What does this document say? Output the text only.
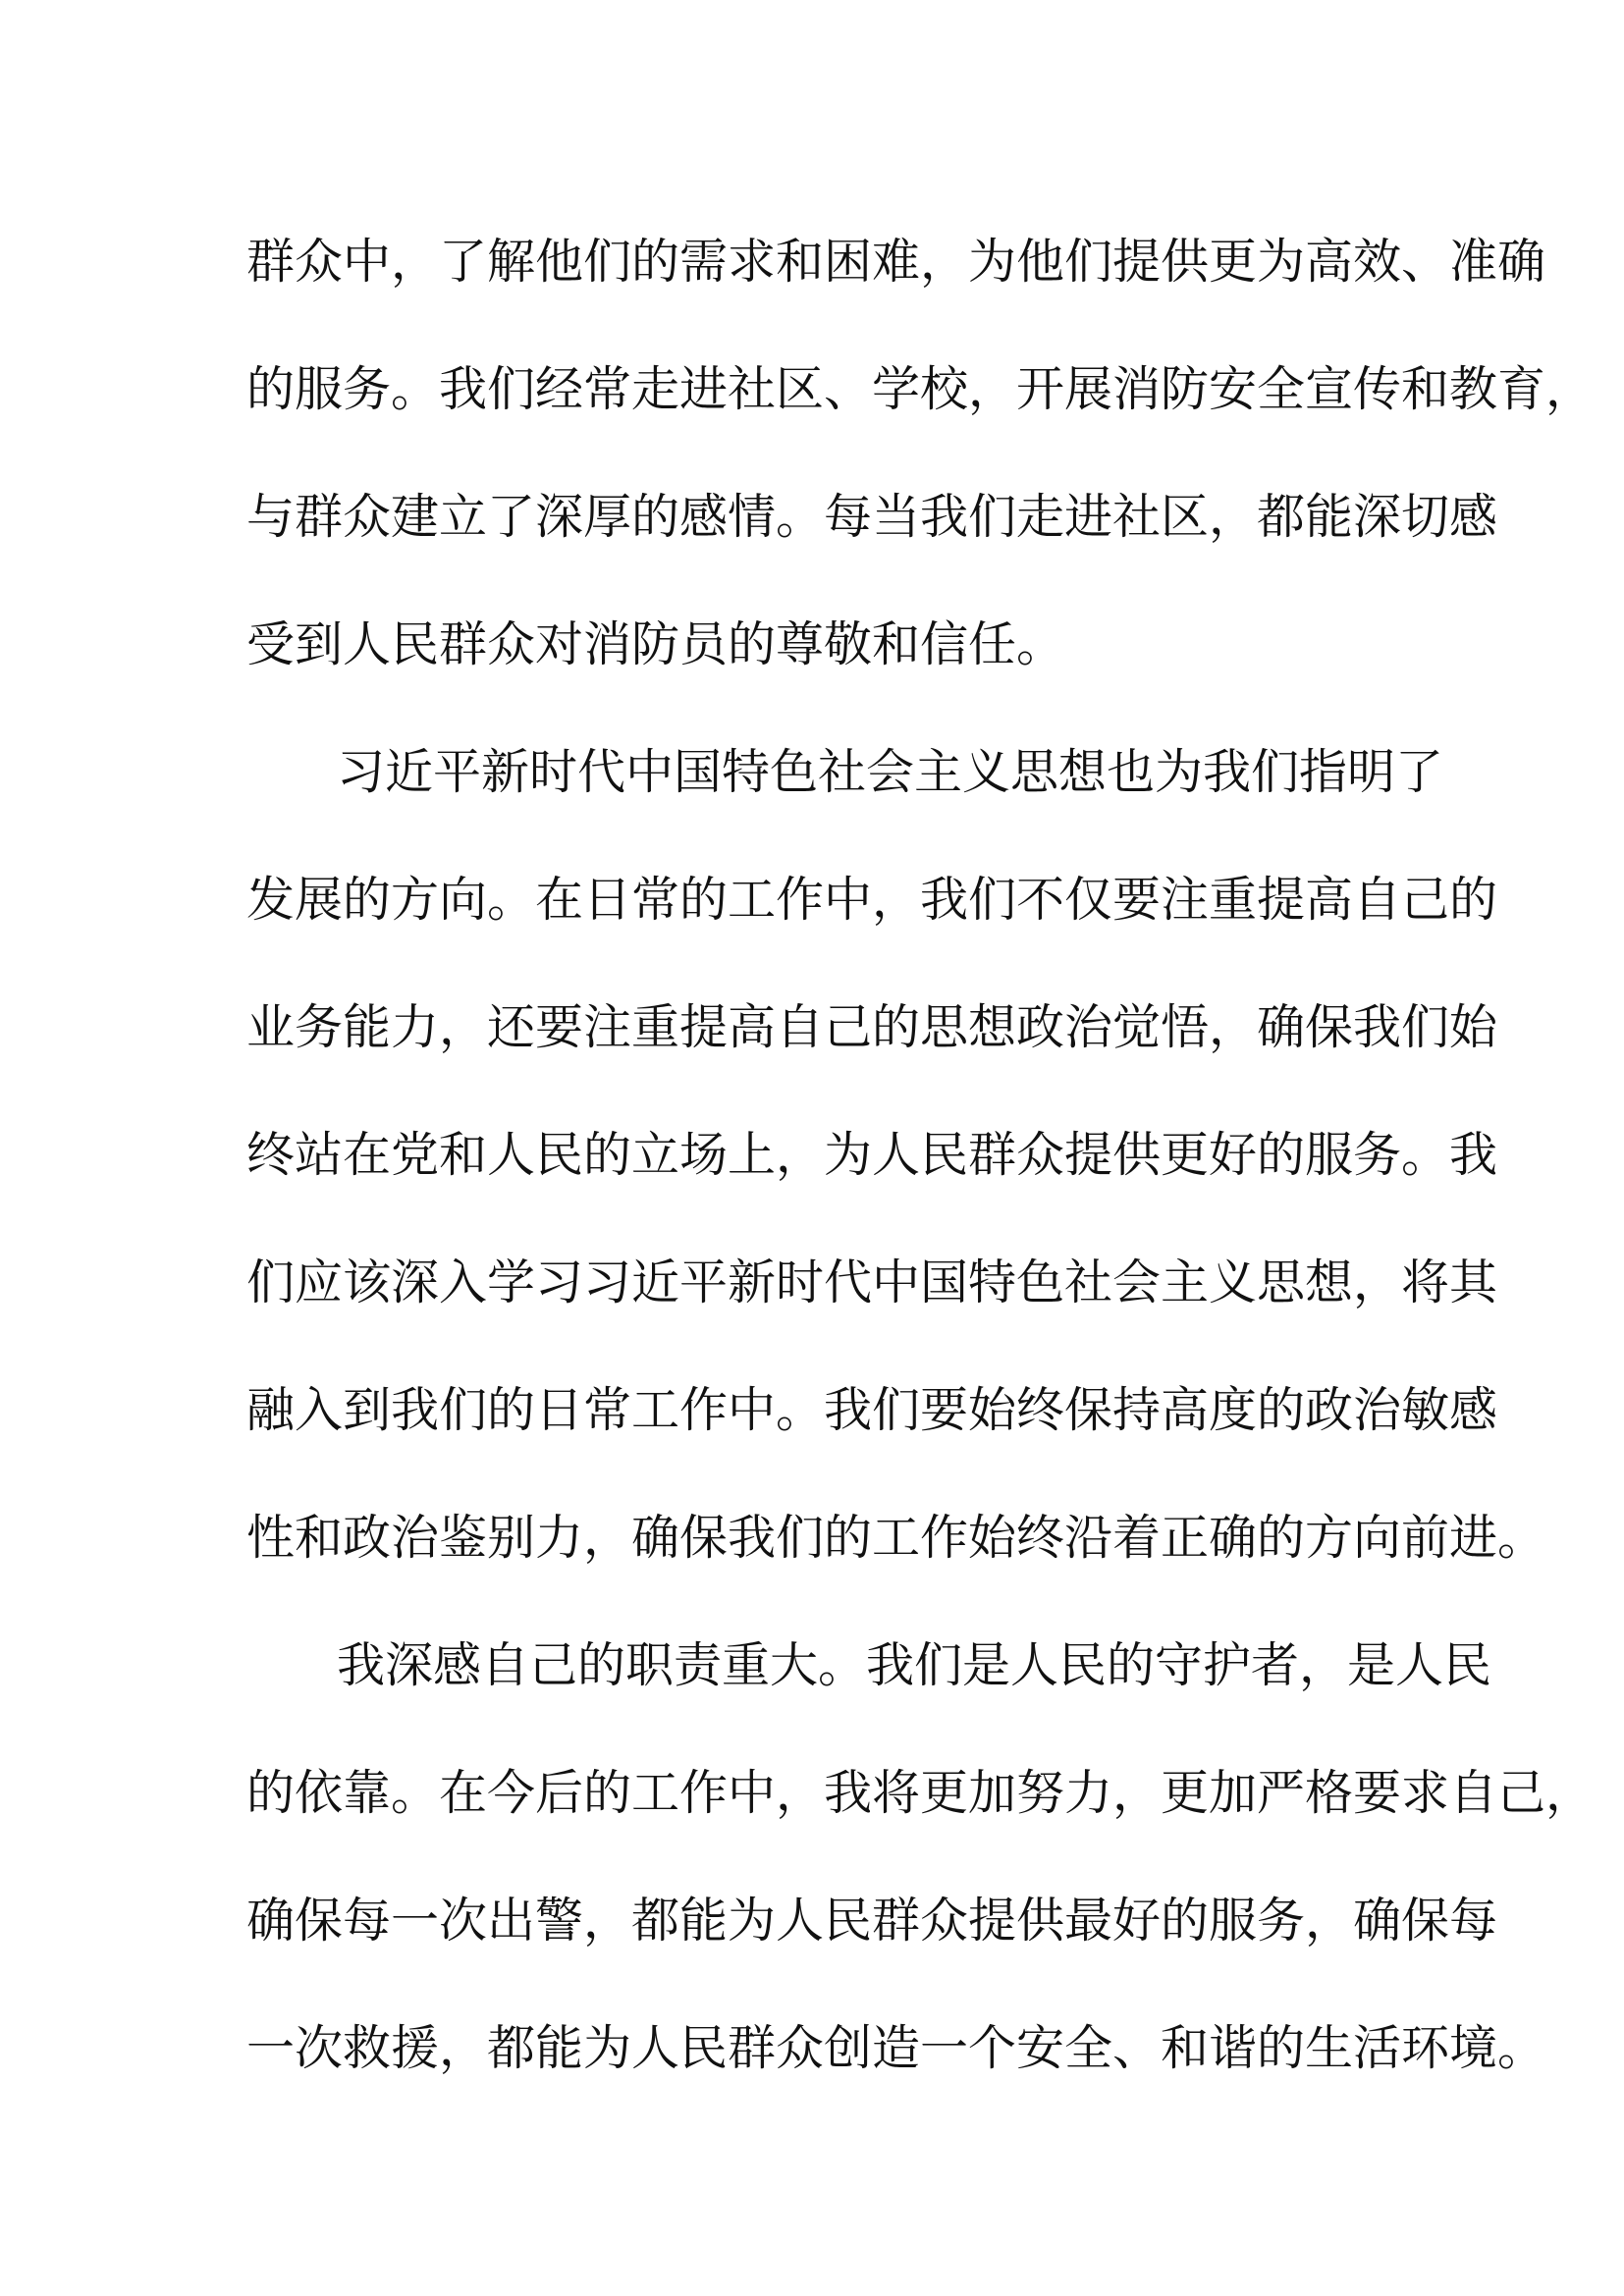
群众中，了解他们的需求和困难，为他们提供更为高效、准确
的服务。我们经常走进社区、学校，开展消防安全宣传和教育，
与群众建立了深厚的感情。每当我们走进社区，都能深切感
受到人民群众对消防员的尊敬和信任。
习近平新时代中国特色社会主义思想也为我们指明了
发展的方向。在日常的工作中，我们不仅要注重提高自己的
业务能力，还要注重提高自己的思想政治觉悟，确保我们始
终站在党和人民的立场上，为人民群众提供更好的服务。我
们应该深入学习习近平新时代中国特色社会主义思想，将其
融入到我们的日常工作中。我们要始终保持高度的政治敏感
性和政治鉴别力，确保我们的工作始终沿着正确的方向前进。
我深感自己的职责重大。我们是人民的守护者，是人民
的依靠。在今后的工作中，我将更加努力，更加严格要求自己，
确保每一次出警，都能为人民群众提供最好的服务，确保每
一次救援，都能为人民群众创造一个安全、和谐的生活环境。
